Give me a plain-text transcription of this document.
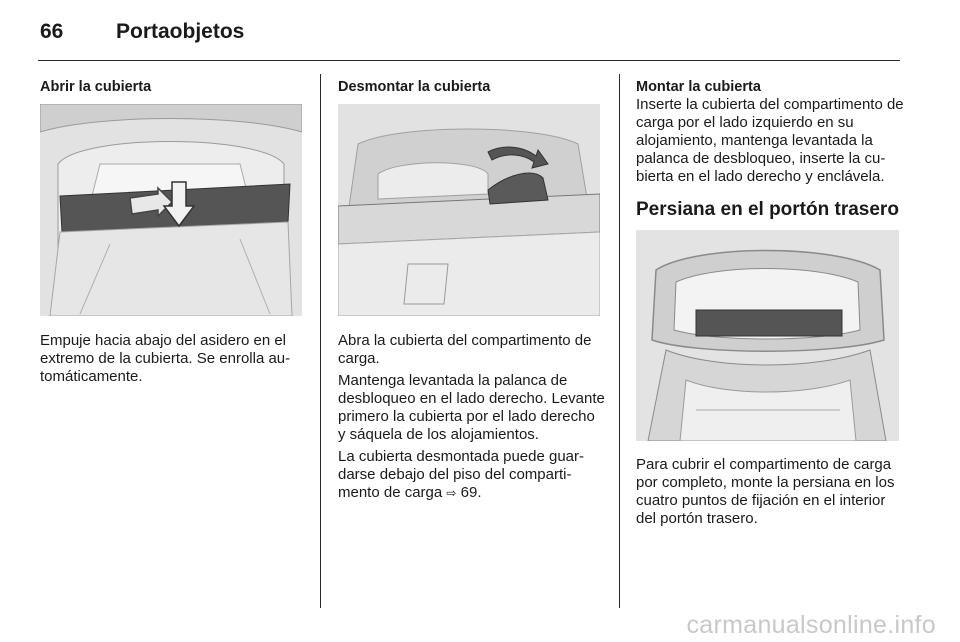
66	Portaobjetos

Abrir la cubierta

Empuje hacia abajo del asidero en el extremo de la cubierta. Se enrolla automáticamente.

Desmontar la cubierta

Abra la cubierta del compartimento de carga.

Mantenga levantada la palanca de desbloqueo en el lado derecho. Levante primero la cubierta por el lado derecho y sáquela de los alojamientos.

La cubierta desmontada puede guardarse debajo del piso del compartimento de carga ⇨ 69.

Montar la cubierta

Inserte la cubierta del compartimento de carga por el lado izquierdo en su alojamiento, mantenga levantada la palanca de desbloqueo, inserte la cubierta en el lado derecho y enclávela.

Persiana en el portón trasero

Para cubrir el compartimento de carga por completo, monte la persiana en los cuatro puntos de fijación en el interior del portón trasero.

carmanualsonline.info
